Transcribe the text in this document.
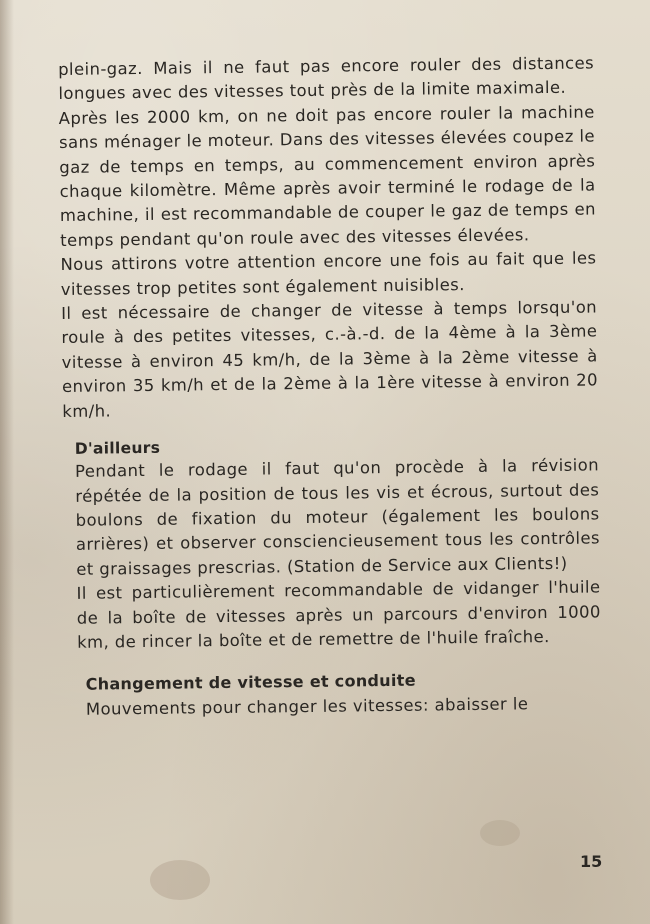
plein-gaz. Mais il ne faut pas encore rouler des distances longues avec des vitesses tout près de la limite maximale.

Après les 2000 km, on ne doit pas encore rouler la machine sans ménager le moteur. Dans des vitesses élevées coupez le gaz de temps en temps, au commencement environ après chaque kilomètre. Même après avoir terminé le rodage de la machine, il est recommandable de couper le gaz de temps en temps pendant qu'on roule avec des vitesses élevées.

Nous attirons votre attention encore une fois au fait que les vitesses trop petites sont également nuisibles.

Il est nécessaire de changer de vitesse à temps lorsqu'on roule à des petites vitesses, c.-à.-d. de la 4ème à la 3ème vitesse à environ 45 km/h, de la 3ème à la 2ème vitesse à environ 35 km/h et de la 2ème à la 1ère vitesse à environ 20 km/h.

D'ailleurs

Pendant le rodage il faut qu'on procède à la révision répétée de la position de tous les vis et écrous, surtout des boulons de fixation du moteur (également les boulons arrières) et observer consciencieusement tous les contrôles et graissages prescrias. (Station de Service aux Clients!)

Il est particulièrement recommandable de vidanger l'huile de la boîte de vitesses après un parcours d'environ 1000 km, de rincer la boîte et de remettre de l'huile fraîche.

Changement de vitesse et conduite

Mouvements pour changer les vitesses: abaisser le

15
